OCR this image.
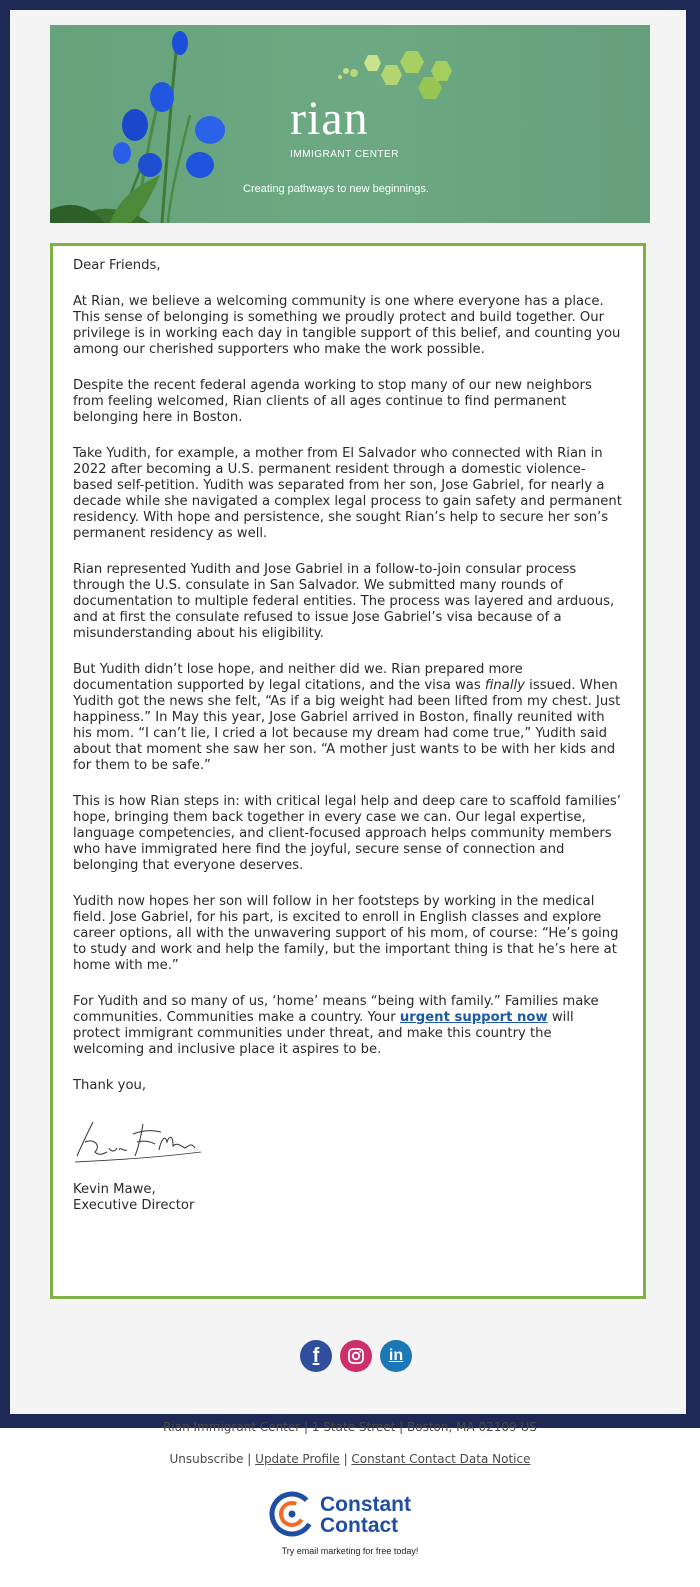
rian
IMMIGRANT CENTER
Creating pathways to new beginnings.

Dear Friends,

At Rian, we believe a welcoming community is one where everyone has a place. This sense of belonging is something we proudly protect and build together. Our privilege is in working each day in tangible support of this belief, and counting you among our cherished supporters who make the work possible.

Despite the recent federal agenda working to stop many of our new neighbors from feeling welcomed, Rian clients of all ages continue to find permanent belonging here in Boston.

Take Yudith, for example, a mother from El Salvador who connected with Rian in 2022 after becoming a U.S. permanent resident through a domestic violence-based self-petition. Yudith was separated from her son, Jose Gabriel, for nearly a decade while she navigated a complex legal process to gain safety and permanent residency. With hope and persistence, she sought Rian’s help to secure her son’s permanent residency as well.

Rian represented Yudith and Jose Gabriel in a follow-to-join consular process through the U.S. consulate in San Salvador. We submitted many rounds of documentation to multiple federal entities. The process was layered and arduous, and at first the consulate refused to issue Jose Gabriel’s visa because of a misunderstanding about his eligibility.

But Yudith didn’t lose hope, and neither did we. Rian prepared more documentation supported by legal citations, and the visa was finally issued. When Yudith got the news she felt, “As if a big weight had been lifted from my chest. Just happiness.” In May this year, Jose Gabriel arrived in Boston, finally reunited with his mom. “I can’t lie, I cried a lot because my dream had come true,” Yudith said about that moment she saw her son. “A mother just wants to be with her kids and for them to be safe.”

This is how Rian steps in: with critical legal help and deep care to scaffold families’ hope, bringing them back together in every case we can. Our legal expertise, language competencies, and client-focused approach helps community members who have immigrated here find the joyful, secure sense of connection and belonging that everyone deserves.

Yudith now hopes her son will follow in her footsteps by working in the medical field. Jose Gabriel, for his part, is excited to enroll in English classes and explore career options, all with the unwavering support of his mom, of course: “He’s going to study and work and help the family, but the important thing is that he’s here at home with me.”

For Yudith and so many of us, ‘home’ means “being with family.” Families make communities. Communities make a country. Your urgent support now will protect immigrant communities under threat, and make this country the welcoming and inclusive place it aspires to be.

Thank you,

Kevin Mawe,

Executive Director

f	in
Rian Immigrant Center | 1 State Street | Boston, MA 02109 US
Unsubscribe | Update Profile | Constant Contact Data Notice
Constant
Contact
Try email marketing for free today!
